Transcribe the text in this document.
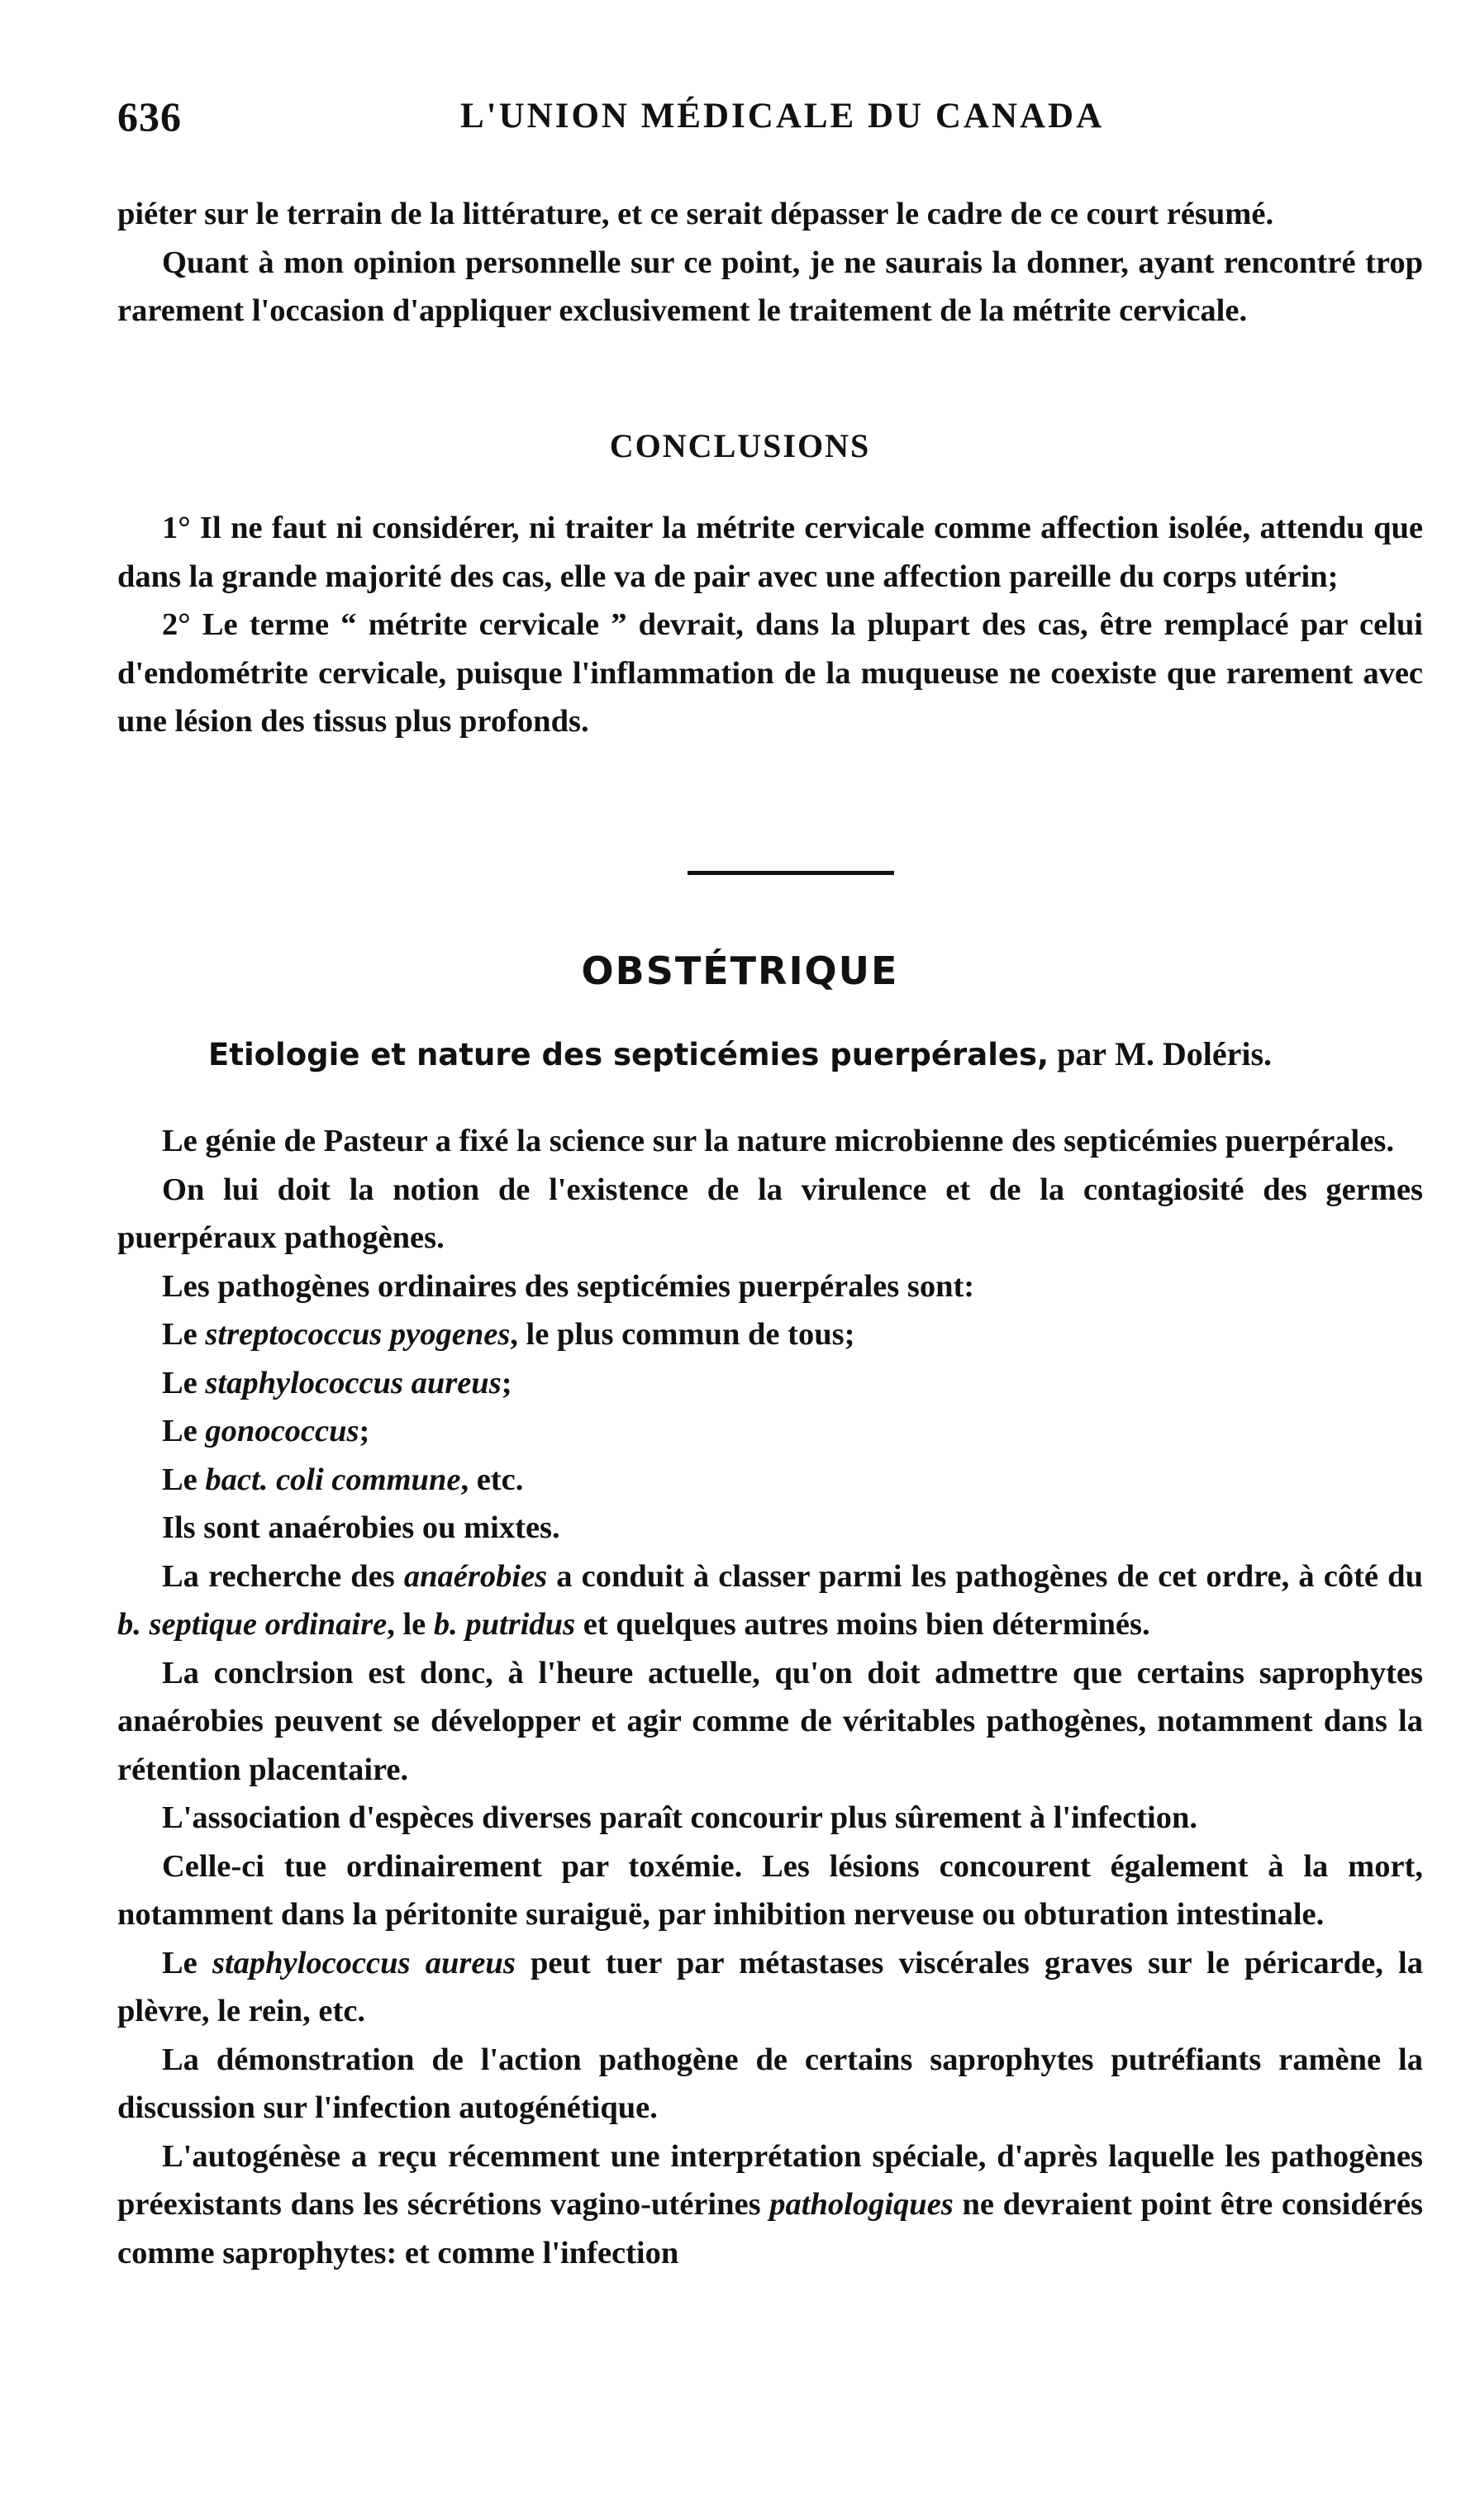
636	L'UNION MÉDICALE DU CANADA

piéter sur le terrain de la littérature, et ce serait dépasser le cadre de ce court résumé.

Quant à mon opinion personnelle sur ce point, je ne saurais la donner, ayant rencontré trop rarement l'occasion d'appliquer exclusivement le traitement de la métrite cervicale.

CONCLUSIONS

1° Il ne faut ni considérer, ni traiter la métrite cervicale comme affection isolée, attendu que dans la grande majorité des cas, elle va de pair avec une affection pareille du corps utérin;

2° Le terme “ métrite cervicale ” devrait, dans la plupart des cas, être remplacé par celui d'endométrite cervicale, puisque l'inflammation de la muqueuse ne coexiste que rarement avec une lésion des tissus plus profonds.

OBSTÉTRIQUE
Etiologie et nature des septicémies puerpérales, par M. Doléris.

Le génie de Pasteur a fixé la science sur la nature microbienne des septicémies puerpérales.

On lui doit la notion de l'existence de la virulence et de la contagiosité des germes puerpéraux pathogènes.

Les pathogènes ordinaires des septicémies puerpérales sont:

Le streptococcus pyogenes, le plus commun de tous;

Le staphylococcus aureus;

Le gonococcus;

Le bact. coli commune, etc.

Ils sont anaérobies ou mixtes.

La recherche des anaérobies a conduit à classer parmi les pathogènes de cet ordre, à côté du b. septique ordinaire, le b. putridus et quelques autres moins bien déterminés.

La conclrsion est donc, à l'heure actuelle, qu'on doit admettre que certains saprophytes anaérobies peuvent se développer et agir comme de véritables pathogènes, notamment dans la rétention placentaire.

L'association d'espèces diverses paraît concourir plus sûrement à l'infection.

Celle-ci tue ordinairement par toxémie. Les lésions concourent également à la mort, notamment dans la péritonite suraiguë, par inhibition nerveuse ou obturation intestinale.

Le staphylococcus aureus peut tuer par métastases viscérales graves sur le péricarde, la plèvre, le rein, etc.

La démonstration de l'action pathogène de certains saprophytes putréfiants ramène la discussion sur l'infection autogénétique.

L'autogénèse a reçu récemment une interprétation spéciale, d'après laquelle les pathogènes préexistants dans les sécrétions vagino-utérines pathologiques ne devraient point être considérés comme saprophytes: et comme l'infection
